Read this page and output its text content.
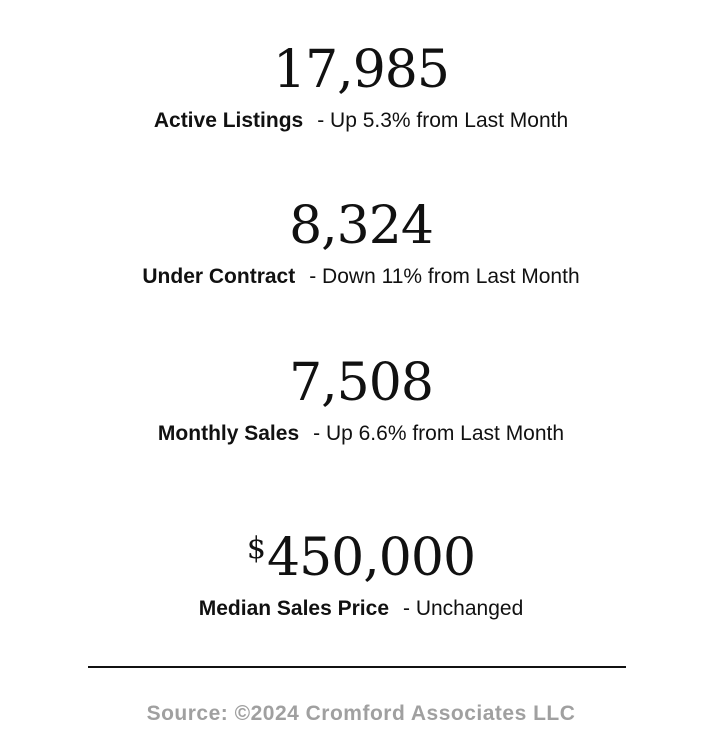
17,985
Active Listings - Up 5.3% from Last Month
8,324
Under Contract - Down 11% from Last Month
7,508
Monthly Sales - Up 6.6% from Last Month
$450,000
Median Sales Price - Unchanged
Source: ©2024 Cromford Associates LLC
